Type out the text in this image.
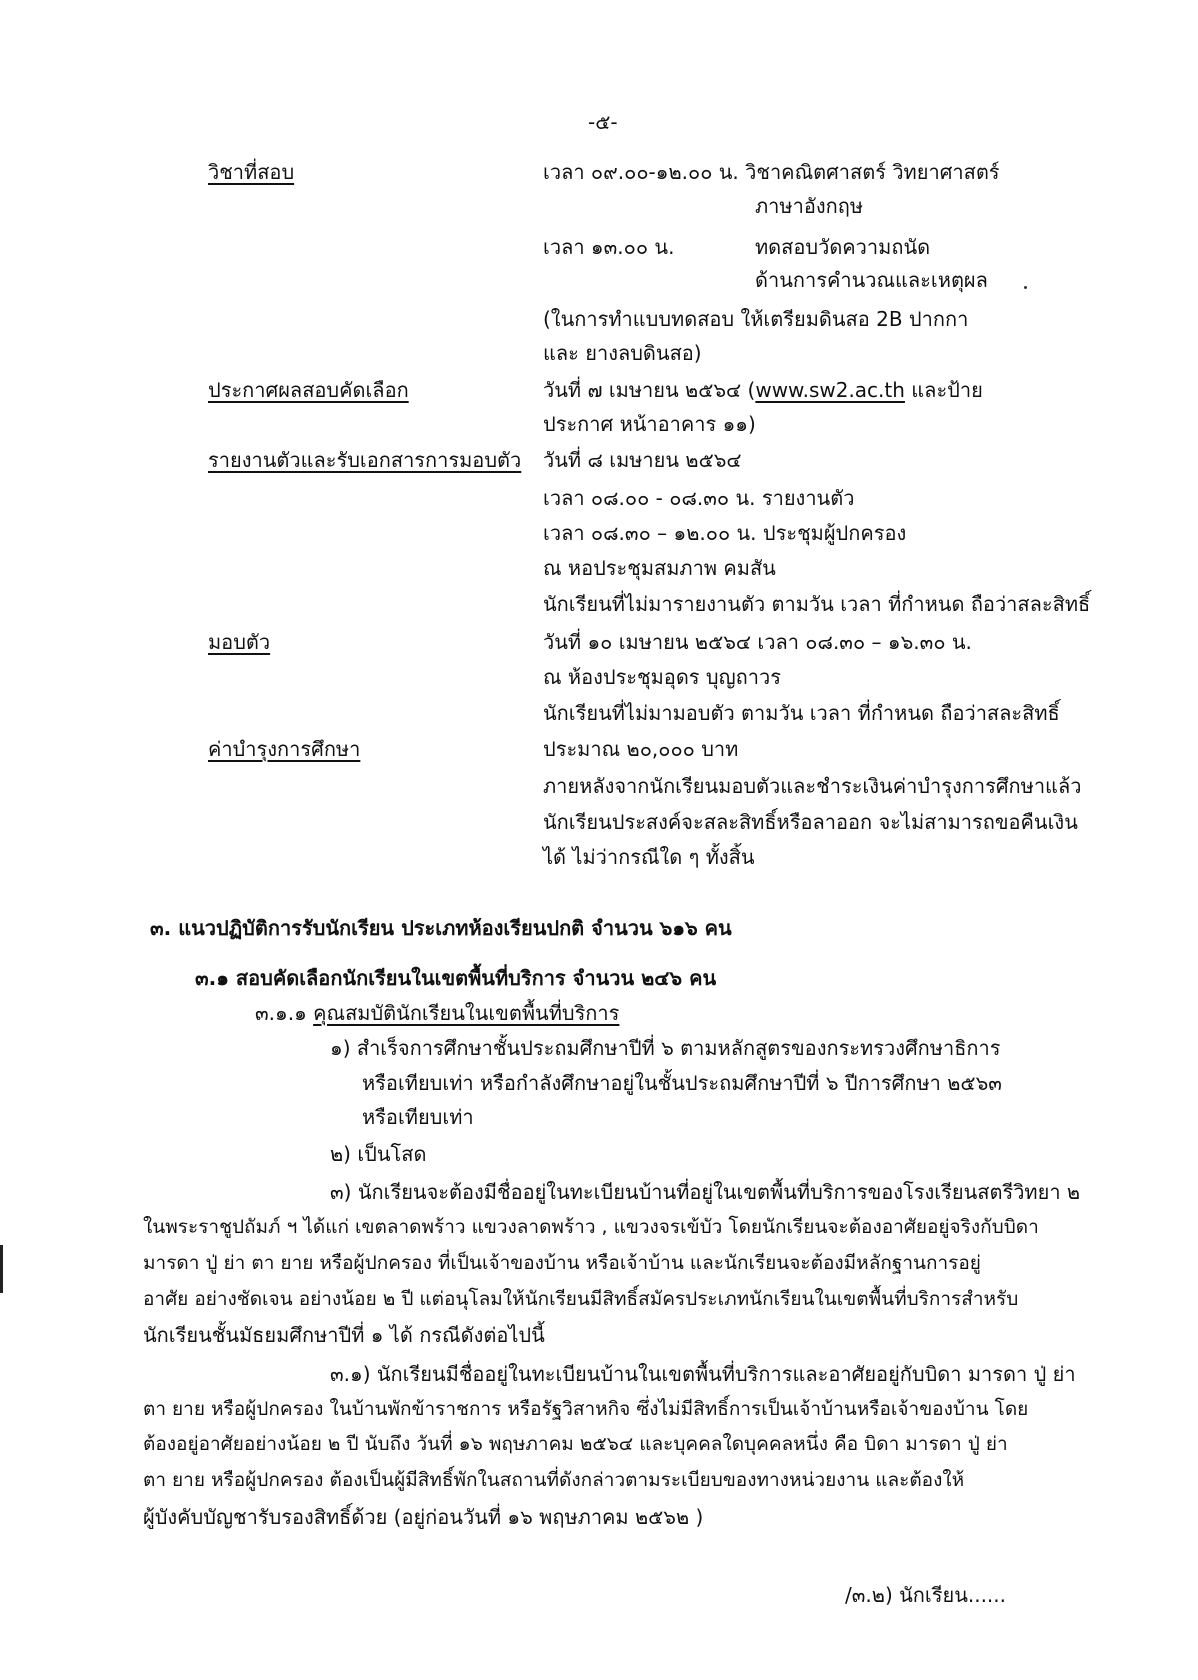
-๕-
วิชาที่สอบ	เวลา ๐๙.๐๐-๑๒.๐๐ น. วิชาคณิตศาสตร์ วิทยาศาสตร์
ภาษาอังกฤษ
เวลา ๑๓.๐๐ น.	ทดสอบวัดความถนัด
ด้านการคำนวณและเหตุผล
(ในการทำแบบทดสอบ ให้เตรียมดินสอ 2B ปากกา
และ ยางลบดินสอ)
ประกาศผลสอบคัดเลือก	วันที่ ๗ เมษายน ๒๕๖๔ (www.sw2.ac.th และป้าย
ประกาศ หน้าอาคาร ๑๑)
รายงานตัวและรับเอกสารการมอบตัว วันที่ ๘ เมษายน ๒๕๖๔
เวลา ๐๘.๐๐ - ๐๘.๓๐ น. รายงานตัว
เวลา ๐๘.๓๐ – ๑๒.๐๐ น. ประชุมผู้ปกครอง
ณ หอประชุมสมภาพ คมสัน
นักเรียนที่ไม่มารายงานตัว ตามวัน เวลา ที่กำหนด ถือว่าสละสิทธิ์
มอบตัว	วันที่ ๑๐ เมษายน ๒๕๖๔ เวลา ๐๘.๓๐ – ๑๖.๓๐ น.
ณ ห้องประชุมอุดร บุญถาวร
นักเรียนที่ไม่มามอบตัว ตามวัน เวลา ที่กำหนด ถือว่าสละสิทธิ์
ค่าบำรุงการศึกษา	ประมาณ ๒๐,๐๐๐ บาท
ภายหลังจากนักเรียนมอบตัวและชำระเงินค่าบำรุงการศึกษาแล้ว
นักเรียนประสงค์จะสละสิทธิ์หรือลาออก จะไม่สามารถขอคืนเงิน
ได้ ไม่ว่ากรณีใด ๆ ทั้งสิ้น
๓. แนวปฏิบัติการรับนักเรียน ประเภทห้องเรียนปกติ จำนวน ๖๑๖ คน
๓.๑ สอบคัดเลือกนักเรียนในเขตพื้นที่บริการ จำนวน ๒๔๖ คน
๓.๑.๑ คุณสมบัตินักเรียนในเขตพื้นที่บริการ
๑) สำเร็จการศึกษาชั้นประถมศึกษาปีที่ ๖ ตามหลักสูตรของกระทรวงศึกษาธิการ
หรือเทียบเท่า หรือกำลังศึกษาอยู่ในชั้นประถมศึกษาปีที่ ๖ ปีการศึกษา ๒๕๖๓
หรือเทียบเท่า
๒) เป็นโสด
๓) นักเรียนจะต้องมีชื่ออยู่ในทะเบียนบ้านที่อยู่ในเขตพื้นที่บริการของโรงเรียนสตรีวิทยา ๒
ในพระราชูปถัมภ์ ฯ ได้แก่ เขตลาดพร้าว แขวงลาดพร้าว , แขวงจรเข้บัว โดยนักเรียนจะต้องอาศัยอยู่จริงกับบิดา
มารดา ปู่ ย่า ตา ยาย หรือผู้ปกครอง ที่เป็นเจ้าของบ้าน หรือเจ้าบ้าน และนักเรียนจะต้องมีหลักฐานการอยู่
อาศัย อย่างชัดเจน อย่างน้อย ๒ ปี แต่อนุโลมให้นักเรียนมีสิทธิ์สมัครประเภทนักเรียนในเขตพื้นที่บริการสำหรับ
นักเรียนชั้นมัธยมศึกษาปีที่ ๑ ได้ กรณีดังต่อไปนี้
๓.๑) นักเรียนมีชื่ออยู่ในทะเบียนบ้านในเขตพื้นที่บริการและอาศัยอยู่กับบิดา มารดา ปู่ ย่า
ตา ยาย หรือผู้ปกครอง ในบ้านพักข้าราชการ หรือรัฐวิสาหกิจ ซึ่งไม่มีสิทธิ์การเป็นเจ้าบ้านหรือเจ้าของบ้าน โดย
ต้องอยู่อาศัยอย่างน้อย ๒ ปี นับถึง วันที่ ๑๖ พฤษภาคม ๒๕๖๔ และบุคคลใดบุคคลหนึ่ง คือ บิดา มารดา ปู่ ย่า
ตา ยาย หรือผู้ปกครอง ต้องเป็นผู้มีสิทธิ์พักในสถานที่ดังกล่าวตามระเบียบของทางหน่วยงาน และต้องให้
ผู้บังคับบัญชารับรองสิทธิ์ด้วย (อยู่ก่อนวันที่ ๑๖ พฤษภาคม ๒๕๖๒ )
/๓.๒) นักเรียน......
